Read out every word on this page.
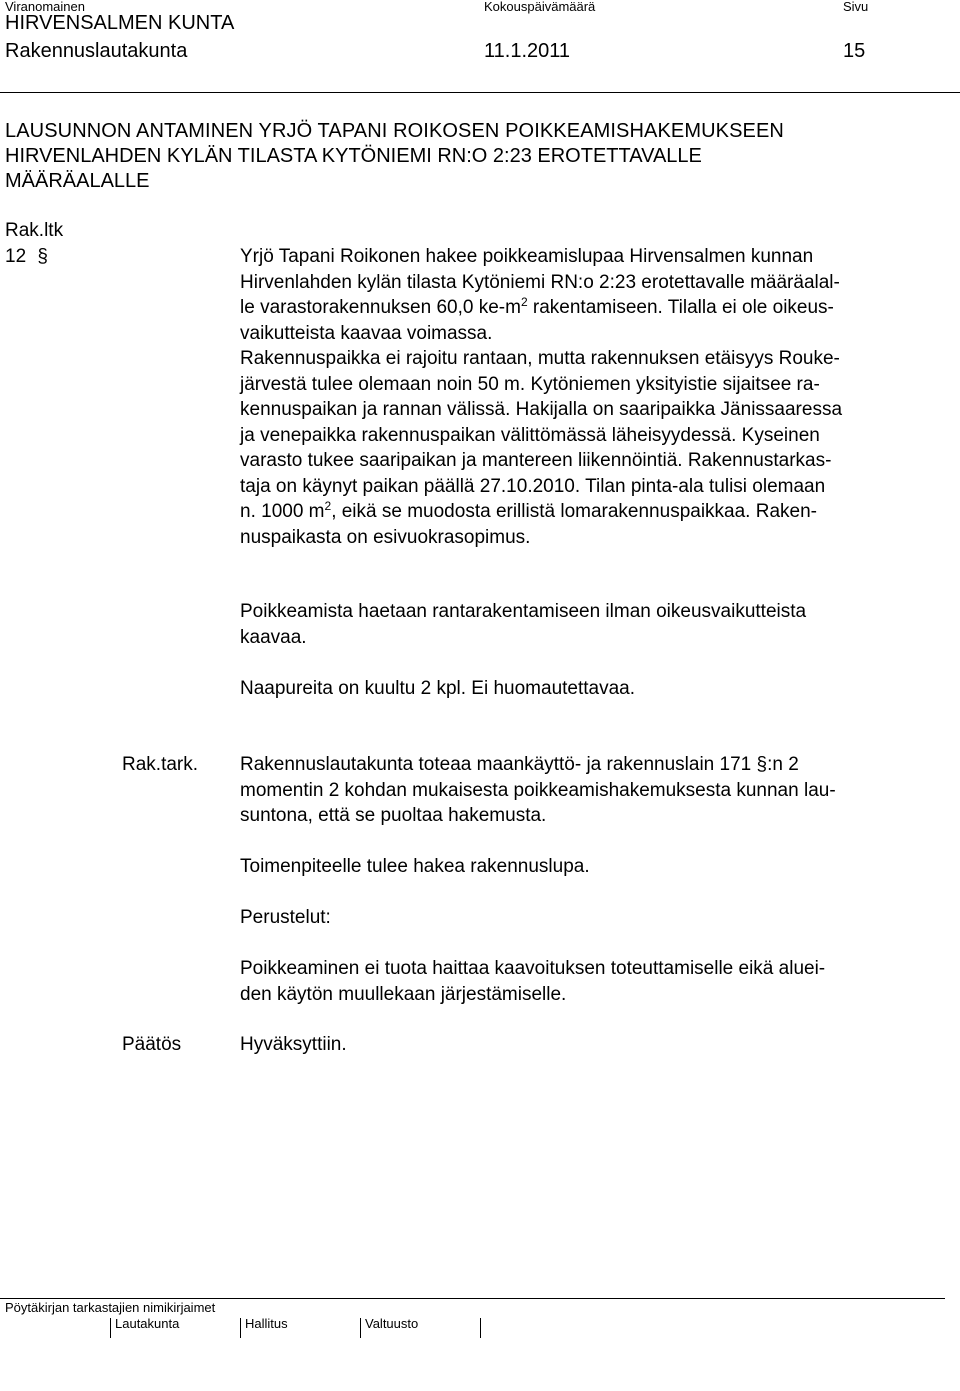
Viranomainen	Kokouspäivämäärä	Sivu
HIRVENSALMEN KUNTA
Rakennuslautakunta	11.1.2011	15
LAUSUNNON ANTAMINEN YRJÖ TAPANI ROIKOSEN POIKKEAMISHAKEMUKSEEN
HIRVENLAHDEN KYLÄN TILASTA KYTÖNIEMI RN:O 2:23 EROTETTAVALLE
MÄÄRÄALALLE
Rak.ltk
12 §	Yrjö Tapani Roikonen hakee poikkeamislupaa Hirvensalmen kunnan
Hirvenlahden kylän tilasta Kytöniemi RN:o 2:23 erotettavalle määräalal-
le varastorakennuksen 60,0 $ke-m^2$ rakentamiseen. Tilalla ei ole oikeus-
vaikutteista kaavaa voimassa.
Rakennuspaikka ei rajoitu rantaan, mutta rakennuksen etäisyys Rouke-
järvestä tulee olemaan noin 50 m. Kytöniemen yksityistie sijaitsee ra-
kennuspaikan ja rannan välissä. Hakijalla on saaripaikka Jänissaaressa
ja venepaikka rakennuspaikan välittömässä läheisyydessä. Kyseinen
varasto tukee saaripaikan ja mantereen liikennöintiä. Rakennustarkas-
taja on käynyt paikan päällä 27.10.2010. Tilan pinta-ala tulisi olemaan
n. 1000 $m^2$, eikä se muodosta erillistä lomarakennuspaikkaa. Raken-
nuspaikasta on esivuokrasopimus.
Poikkeamista haetaan rantarakentamiseen ilman oikeusvaikutteista
kaavaa.
Naapureita on kuultu 2 kpl. Ei huomautettavaa.
Rak.tark. Rakennuslautakunta toteaa maankäyttö- ja rakennuslain 171 §:n 2
momentin 2 kohdan mukaisesta poikkeamishakemuksesta kunnan lau-
suntona, että se puoltaa hakemusta.
Toimenpiteelle tulee hakea rakennuslupa.
Perustelut:
Poikkeaminen ei tuota haittaa kaavoituksen toteuttamiselle eikä aluei-
den käytön muullekaan järjestämiselle.
Päätös	Hyväksyttiin.
Pöytäkirjan tarkastajien nimikirjaimet
Lautakunta	Hallitus	Valtuusto
